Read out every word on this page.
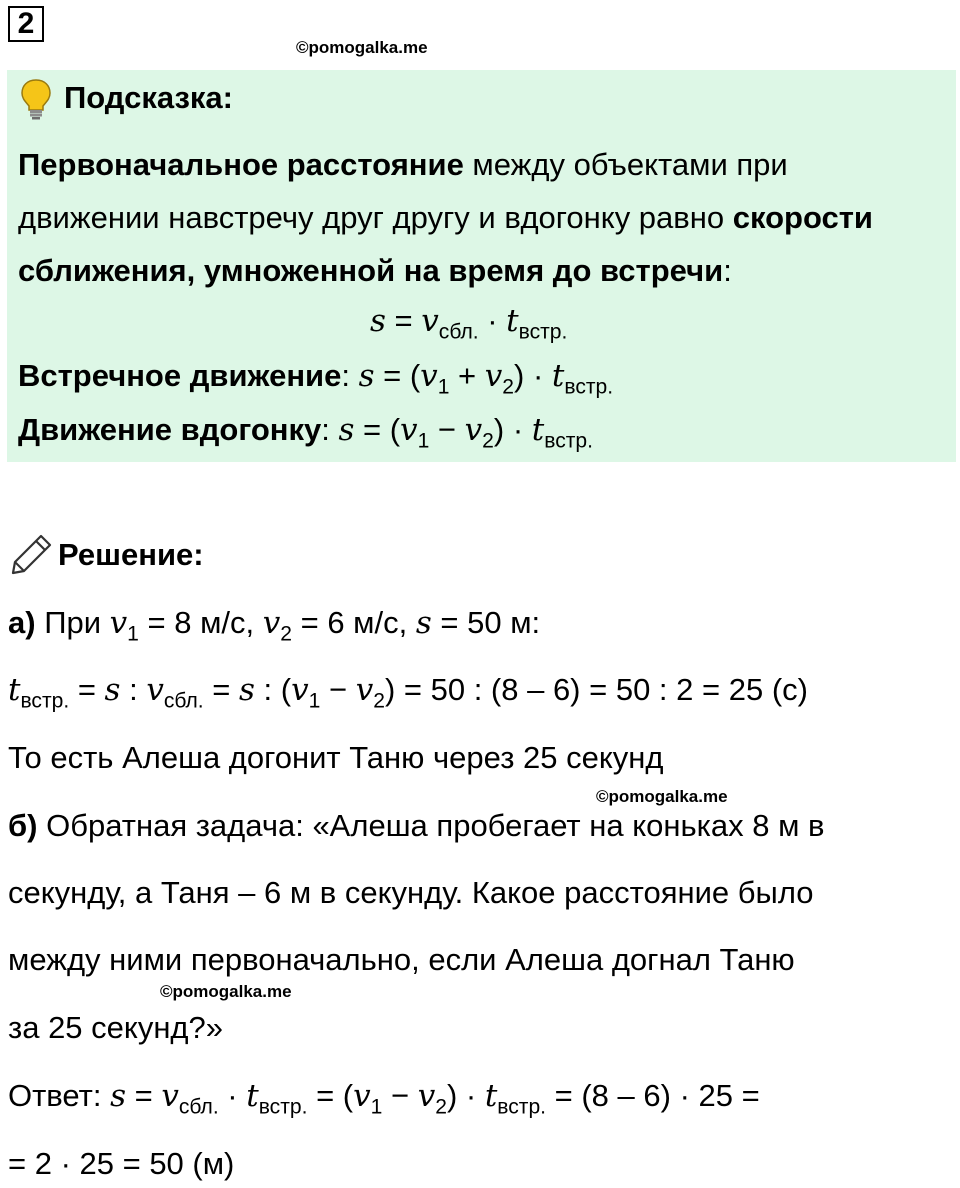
2
©pomogalka.me
Подсказка:
Первоначальное расстояние между объектами при
движении навстречу друг другу и вдогонку равно скорости
сближения, умноженной на время до встречи:
$s = v_{сбл.} \cdot t_{встр.}$
Встречное движение: $s = (v_1 + v_2) \cdot t_{встр.}$
Движение вдогонку: $s = (v_1 - v_2) \cdot t_{встр.}$
Решение:
а) При $v_1 = 8$ м/с, $v_2 = 6$ м/с, s = 50 м:
$t_{встр.} = s$ : $v_{сбл.} = s$ : $(v_1 - v_2) = 50$ : (8 – 6) = 50 : 2 = 25 (с)
То есть Алеша догонит Таню через 25 секунд
©pomogalka.me
б) Обратная задача: «Алеша пробегает на коньках 8 м в
секунду, а Таня – 6 м в секунду. Какое расстояние было
между ними первоначально, если Алеша догнал Таню
©pomogalka.me
за 25 секунд?»
Ответ: $s = v_{сбл.} \cdot t_{встр.} = (v_1 - v_2) \cdot t_{встр.} = (8 - 6) \cdot 25$ =
= 2 · 25 = 50 (м)
